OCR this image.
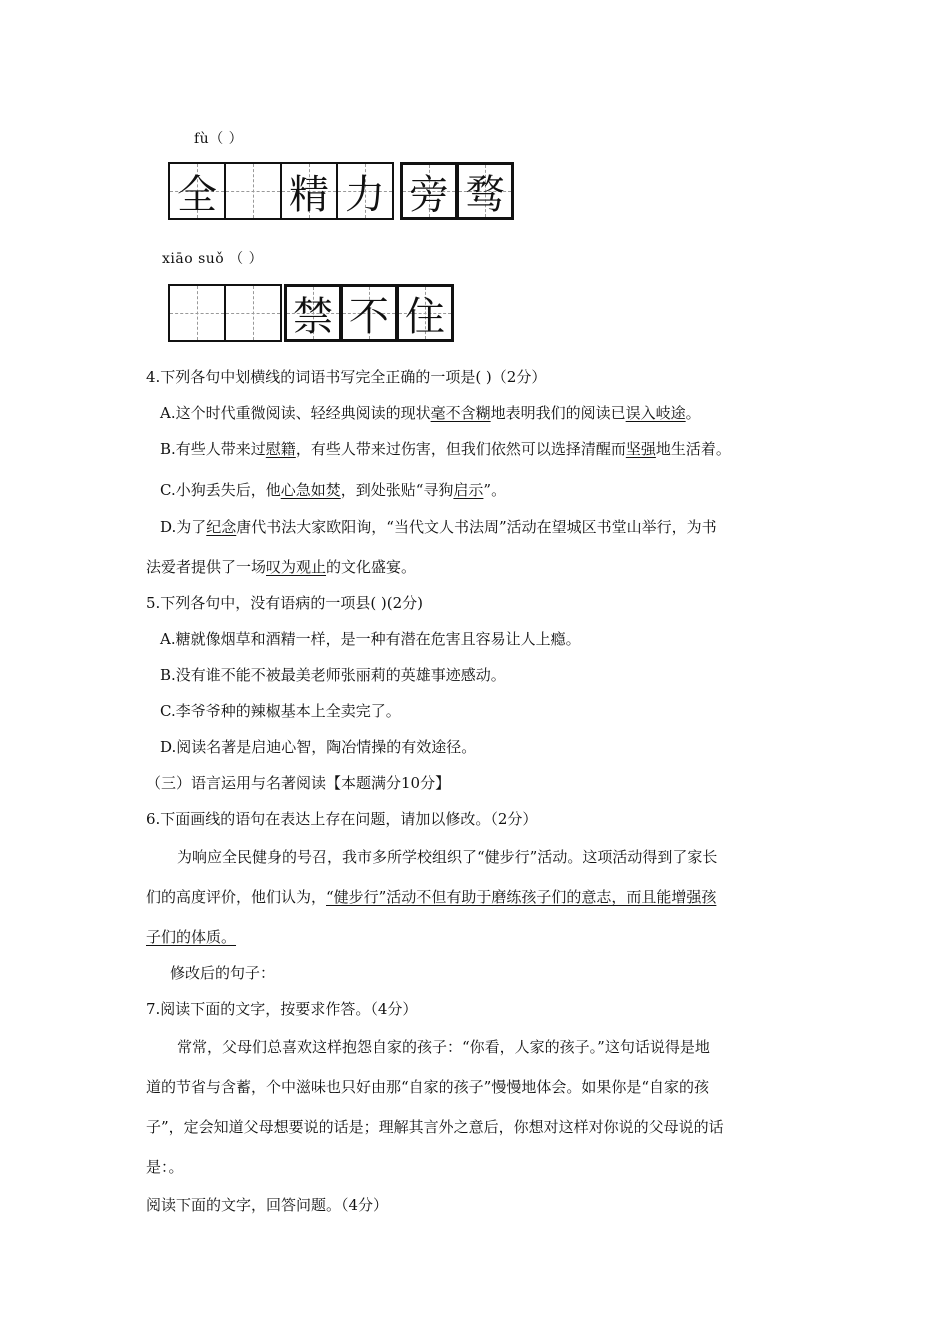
fù（ ）
全 精 力 旁 骛
xiāo suǒ （ ）
禁 不 住
4.下列各句中划横线的词语书写完全正确的一项是( )（2分）
A.这个时代重微阅读、轻经典阅读的现状毫不含糊地表明我们的阅读已误入岐途。
B.有些人带来过慰籍，有些人带来过伤害，但我们依然可以选择清醒而坚强地生活着。
C.小狗丢失后，他心急如焚，到处张贴“寻狗启示”。
D.为了纪念唐代书法大家欧阳询，“当代文人书法周”活动在望城区书堂山举行，为书
法爱者提供了一场叹为观止的文化盛宴。
5.下列各句中，没有语病的一项县( )(2分)
A.糖就像烟草和酒精一样，是一种有潜在危害且容易让人上瘾。
B.没有谁不能不被最美老师张丽莉的英雄事迹感动。
C.李爷爷种的辣椒基本上全卖完了。
D.阅读名著是启迪心智，陶冶情操的有效途径。
（三）语言运用与名著阅读【本题满分10分】
6.下面画线的语句在表达上存在问题，请加以修改。（2分）
为响应全民健身的号召，我市多所学校组织了“健步行”活动。这项活动得到了家长
们的高度评价，他们认为，“健步行”活动不但有助于磨练孩子们的意志，而且能增强孩
子们的体质。
修改后的句子：
7.阅读下面的文字，按要求作答。（4分）
常常，父母们总喜欢这样抱怨自家的孩子：“你看，人家的孩子。”这句话说得是地
道的节省与含蓄，个中滋味也只好由那“自家的孩子”慢慢地体会。如果你是“自家的孩
子”，定会知道父母想要说的话是；理解其言外之意后，你想对这样对你说的父母说的话
是：。
阅读下面的文字，回答问题。（4分）
